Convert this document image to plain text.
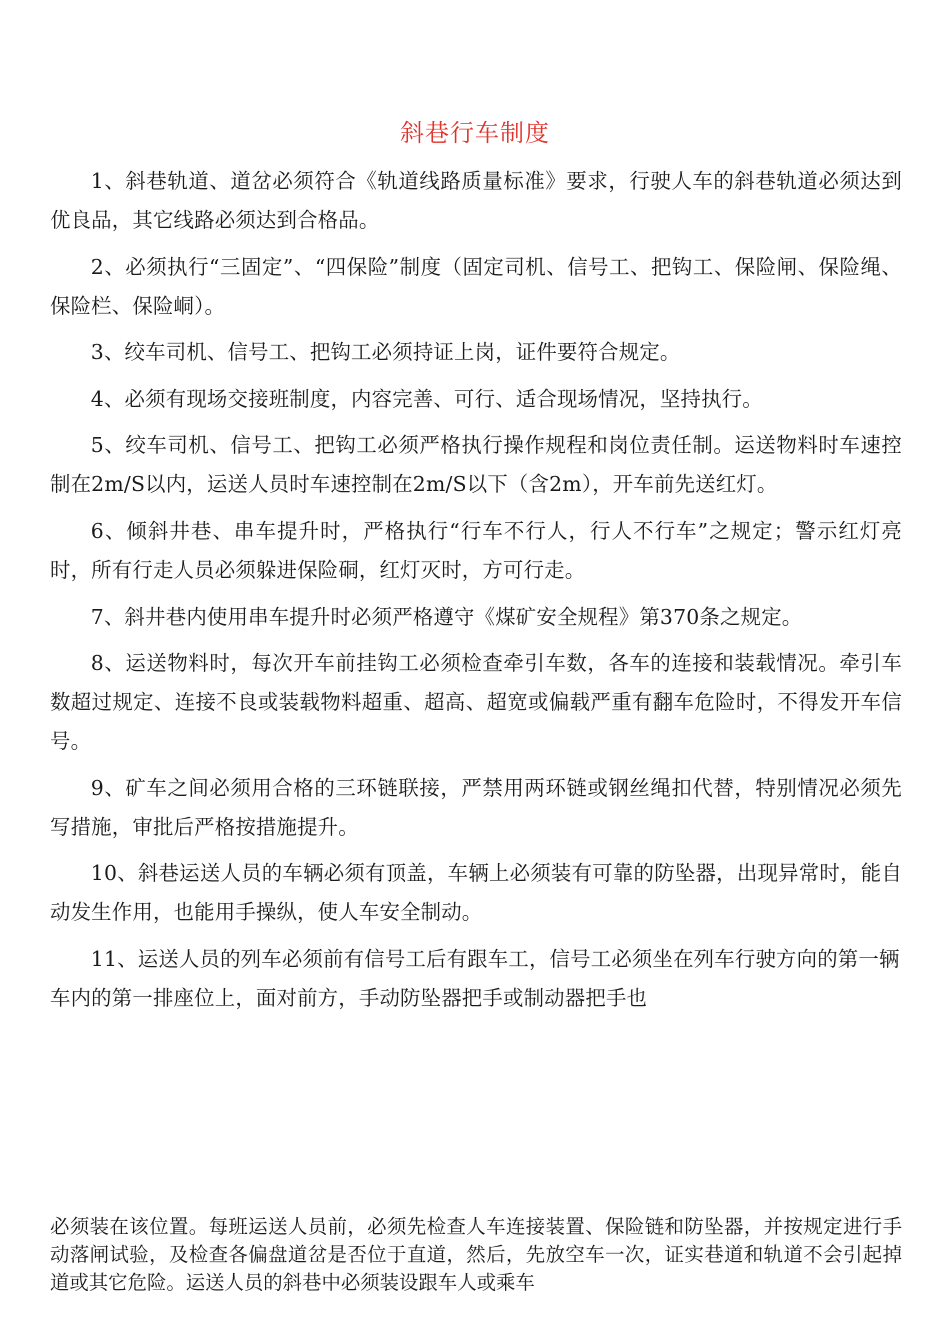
斜巷行车制度

1、斜巷轨道、道岔必须符合《轨道线路质量标准》要求，行驶人车的斜巷轨道必须达到优良品，其它线路必须达到合格品。

2、必须执行“三固定”、“四保险”制度（固定司机、信号工、把钩工、保险闸、保险绳、保险栏、保险峒）。

3、绞车司机、信号工、把钩工必须持证上岗，证件要符合规定。

4、必须有现场交接班制度，内容完善、可行、适合现场情况，坚持执行。

5、绞车司机、信号工、把钩工必须严格执行操作规程和岗位责任制。运送物料时车速控制在2m/S以内，运送人员时车速控制在2m/S以下（含2m），开车前先送红灯。

6、倾斜井巷、串车提升时，严格执行“行车不行人，行人不行车”之规定；警示红灯亮时，所有行走人员必须躲进保险硐，红灯灭时，方可行走。

7、斜井巷内使用串车提升时必须严格遵守《煤矿安全规程》第370条之规定。

8、运送物料时，每次开车前挂钩工必须检查牵引车数，各车的连接和装载情况。牵引车数超过规定、连接不良或装载物料超重、超高、超宽或偏载严重有翻车危险时，不得发开车信号。

9、矿车之间必须用合格的三环链联接，严禁用两环链或钢丝绳扣代替，特别情况必须先写措施，审批后严格按措施提升。

10、斜巷运送人员的车辆必须有顶盖，车辆上必须装有可靠的防坠器，出现异常时，能自动发生作用，也能用手操纵，使人车安全制动。

11、运送人员的列车必须前有信号工后有跟车工，信号工必须坐在列车行驶方向的第一辆车内的第一排座位上，面对前方，手动防坠器把手或制动器把手也

必须装在该位置。每班运送人员前，必须先检查人车连接装置、保险链和防坠器，并按规定进行手动落闸试验，及检查各偏盘道岔是否位于直道，然后，先放空车一次，证实巷道和轨道不会引起掉道或其它危险。运送人员的斜巷中必须装设跟车人或乘车
